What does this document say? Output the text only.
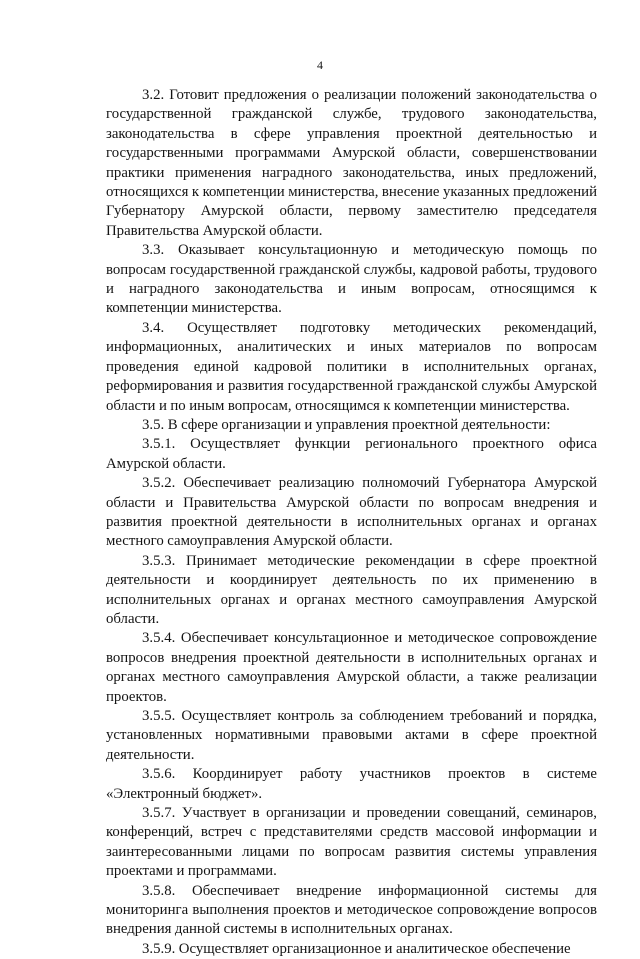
4

3.2. Готовит предложения о реализации положений законодательства о государственной гражданской службе, трудового законодательства, законодательства в сфере управления проектной деятельностью и государственными программами Амурской области, совершенствовании практики применения наградного законодательства, иных предложений, относящихся к компетенции министерства, внесение указанных предложений Губернатору Амурской области, первому заместителю председателя Правительства Амурской области.

3.3. Оказывает консультационную и методическую помощь по вопросам государственной гражданской службы, кадровой работы, трудового и наградного законодательства и иным вопросам, относящимся к компетенции министерства.

3.4. Осуществляет подготовку методических рекомендаций, информационных, аналитических и иных материалов по вопросам проведения единой кадровой политики в исполнительных органах, реформирования и развития государственной гражданской службы Амурской области и по иным вопросам, относящимся к компетенции министерства.

3.5. В сфере организации и управления проектной деятельности:

3.5.1. Осуществляет функции регионального проектного офиса Амурской области.

3.5.2. Обеспечивает реализацию полномочий Губернатора Амурской области и Правительства Амурской области по вопросам внедрения и развития проектной деятельности в исполнительных органах и органах местного самоуправления Амурской области.

3.5.3. Принимает методические рекомендации в сфере проектной деятельности и координирует деятельность по их применению в исполнительных органах и органах местного самоуправления Амурской области.

3.5.4. Обеспечивает консультационное и методическое сопровождение вопросов внедрения проектной деятельности в исполнительных органах и органах местного самоуправления Амурской области, а также реализации проектов.

3.5.5. Осуществляет контроль за соблюдением требований и порядка, установленных нормативными правовыми актами в сфере проектной деятельности.

3.5.6. Координирует работу участников проектов в системе «Электронный бюджет».

3.5.7. Участвует в организации и проведении совещаний, семинаров, конференций, встреч с представителями средств массовой информации и заинтересованными лицами по вопросам развития системы управления проектами и программами.

3.5.8. Обеспечивает внедрение информационной системы для мониторинга выполнения проектов и методическое сопровождение вопросов внедрения данной системы в исполнительных органах.

3.5.9. Осуществляет организационное и аналитическое обеспечение
